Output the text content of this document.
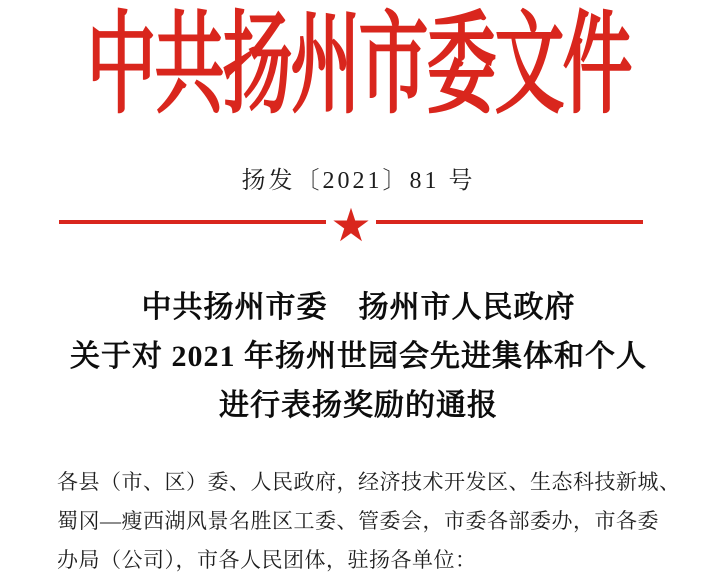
中共扬州市委文件
扬发〔2021〕81 号
★
中共扬州市委　扬州市人民政府
关于对 2021 年扬州世园会先进集体和个人
进行表扬奖励的通报
各县（市、区）委、人民政府，经济技术开发区、生态科技新城、
蜀冈—瘦西湖风景名胜区工委、管委会，市委各部委办，市各委
办局（公司），市各人民团体，驻扬各单位：
